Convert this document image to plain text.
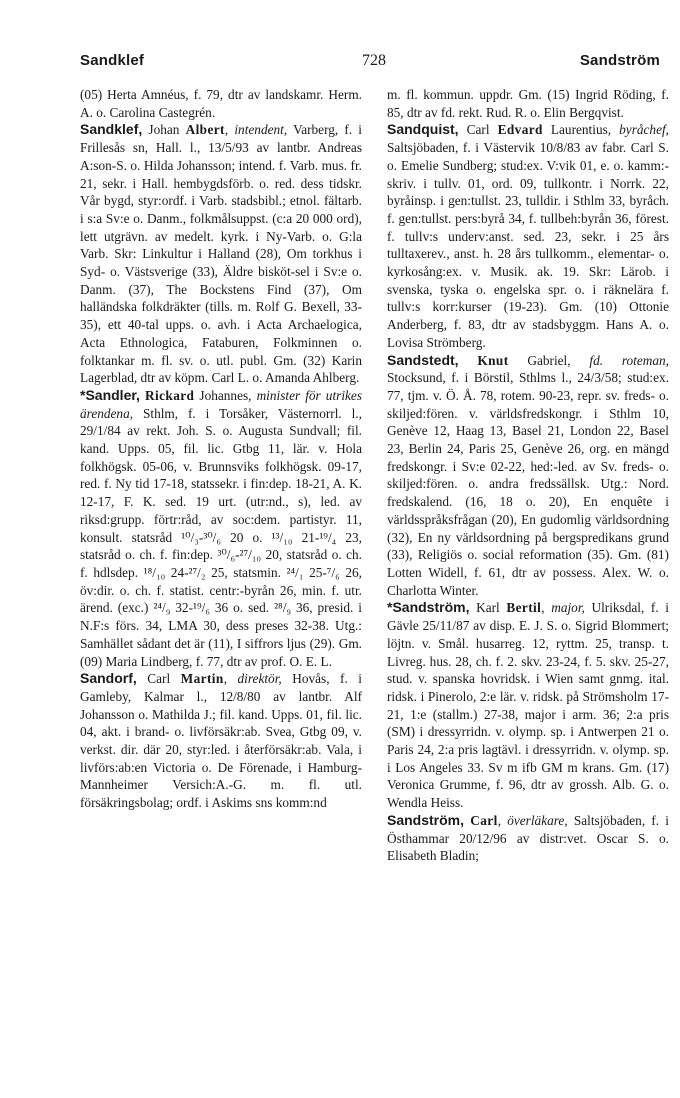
Sandklef	728	Sandström

(05) Herta Amnéus, f. 79, dtr av landskamr. Herm. A. o. Carolina Castegrén.

Sandklef, Johan Albert, intendent, Varberg, f. i Frillesås sn, Hall. l., 13/5/93 av lantbr. Andreas A:son-S. o. Hilda Johansson; intend. f. Varb. mus. fr. 21, sekr. i Hall. hembygdsförb. o. red. dess tidskr. Vår bygd, styr:ordf. i Varb. stadsbibl.; etnol. fältarb. i s:a Sv:e o. Danm., folkmålsuppst. (c:a 20 000 ord), lett utgrävn. av medelt. kyrk. i Ny-Varb. o. G:la Varb. Skr: Linkultur i Halland (28), Om torkhus i Syd- o. Västsverige (33), Äldre bisköt-sel i Sv:e o. Danm. (37), The Bockstens Find (37), Om halländska folkdräkter (tills. m. Rolf G. Bexell, 33-35), ett 40-tal upps. o. avh. i Acta Archaelogica, Acta Ethnologica, Fataburen, Folkminnen o. folktankar m. fl. sv. o. utl. publ. Gm. (32) Karin Lagerblad, dtr av köpm. Carl L. o. Amanda Ahlberg.

*Sandler, Rickard Johannes, minister för utrikes ärendena, Sthlm, f. i Torsåker, Västernorrl. l., 29/1/84 av rekt. Joh. S. o. Augusta Sundvall; fil. kand. Upps. 05, fil. lic. Gtbg 11, lär. v. Hola folkhögsk. 05-06, v. Brunnsviks folkhögsk. 09-17, red. f. Ny tid 17-18, statssekr. i fin:dep. 18-21, A. K. 12-17, F. K. sed. 19 urt. (utr:nd., s), led. av riksd:grupp. förtr:råd, av soc:dem. partistyr. 11, konsult. statsråd ¹⁰/₃-³⁰/₆ 20 o. ¹³/₁₀ 21-¹⁹/₄ 23, statsråd o. ch. f. fin:dep. ³⁰/₆-²⁷/₁₀ 20, statsråd o. ch. f. hdlsdep. ¹⁸/₁₀ 24-²⁷/₂ 25, statsmin. ²⁴/₁ 25-⁷/₆ 26, öv:dir. o. ch. f. statist. centr:-byrån 26, min. f. utr. ärend. (exc.) ²⁴/₉ 32-¹⁹/₆ 36 o. sed. ²⁸/₉ 36, presid. i N.F:s förs. 34, LMA 30, dess preses 32-38. Utg.: Samhället sådant det är (11), I siffrors ljus (29). Gm. (09) Maria Lindberg, f. 77, dtr av prof. O. E. L.

Sandorf, Carl Martin, direktör, Hovås, f. i Gamleby, Kalmar l., 12/8/80 av lantbr. Alf Johansson o. Mathilda J.; fil. kand. Upps. 01, fil. lic. 04, akt. i brand- o. livförsäkr:ab. Svea, Gtbg 09, v. verkst. dir. där 20, styr:led. i återförsäkr:ab. Vala, i livförs:ab:en Victoria o. De Förenade, i Hamburg-Mannheimer Versich:A.-G. m. fl. utl. försäkringsbolag; ordf. i Askims sns komm:nd

m. fl. kommun. uppdr. Gm. (15) Ingrid Röding, f. 85, dtr av fd. rekt. Rud. R. o. Elin Bergqvist.

Sandquist, Carl Edvard Laurentius, byråchef, Saltsjöbaden, f. i Västervik 10/8/83 av fabr. Carl S. o. Emelie Sundberg; stud:ex. V:vik 01, e. o. kamm:-skriv. i tullv. 01, ord. 09, tullkontr. i Norrk. 22, byråinsp. i gen:tullst. 23, tulldir. i Sthlm 33, byråch. f. gen:tullst. pers:byrå 34, f. tullbeh:byrån 36, förest. f. tullv:s underv:anst. sed. 23, sekr. i 25 års tulltaxerev., anst. h. 28 års tullkomm., elementar- o. kyrkosång:ex. v. Musik. ak. 19. Skr: Lärob. i svenska, tyska o. engelska spr. o. i räknelära f. tullv:s korr:kurser (19-23). Gm. (10) Ottonie Anderberg, f. 83, dtr av stadsbyggm. Hans A. o. Lovisa Strömberg.

Sandstedt, Knut Gabriel, fd. roteman, Stocksund, f. i Börstil, Sthlms l., 24/3/58; stud:ex. 77, tjm. v. Ö. Å. 78, rotem. 90-23, repr. sv. freds- o. skiljed:fören. v. världsfredskongr. i Sthlm 10, Genève 12, Haag 13, Basel 21, London 22, Basel 23, Berlin 24, Paris 25, Genève 26, org. en mängd fredskongr. i Sv:e 02-22, hed:-led. av Sv. freds- o. skiljed:fören. o. andra fredssällsk. Utg.: Nord. fredskalend. (16, 18 o. 20), En enquête i världsspråksfrågan (20), En gudomlig världsordning (32), En ny världsordning på bergspredikans grund (33), Religiös o. social reformation (35). Gm. (81) Lotten Widell, f. 61, dtr av possess. Alex. W. o. Charlotta Winter.

*Sandström, Karl Bertil, major, Ulriksdal, f. i Gävle 25/11/87 av disp. E. J. S. o. Sigrid Blommert; löjtn. v. Smål. husarreg. 12, ryttm. 25, transp. t. Livreg. hus. 28, ch. f. 2. skv. 23-24, f. 5. skv. 25-27, stud. v. spanska hovridsk. i Wien samt gnmg. ital. ridsk. i Pinerolo, 2:e lär. v. ridsk. på Strömsholm 17-21, 1:e (stallm.) 27-38, major i arm. 36; 2:a pris (SM) i dressyrridn. v. olymp. sp. i Antwerpen 21 o. Paris 24, 2:a pris lagtävl. i dressyrridn. v. olymp. sp. i Los Angeles 33. Sv m ifb GM m krans. Gm. (17) Veronica Grumme, f. 96, dtr av grossh. Alb. G. o. Wendla Heiss.

Sandström, Carl, överläkare, Saltsjöbaden, f. i Östhammar 20/12/96 av distr:vet. Oscar S. o. Elisabeth Bladin;
